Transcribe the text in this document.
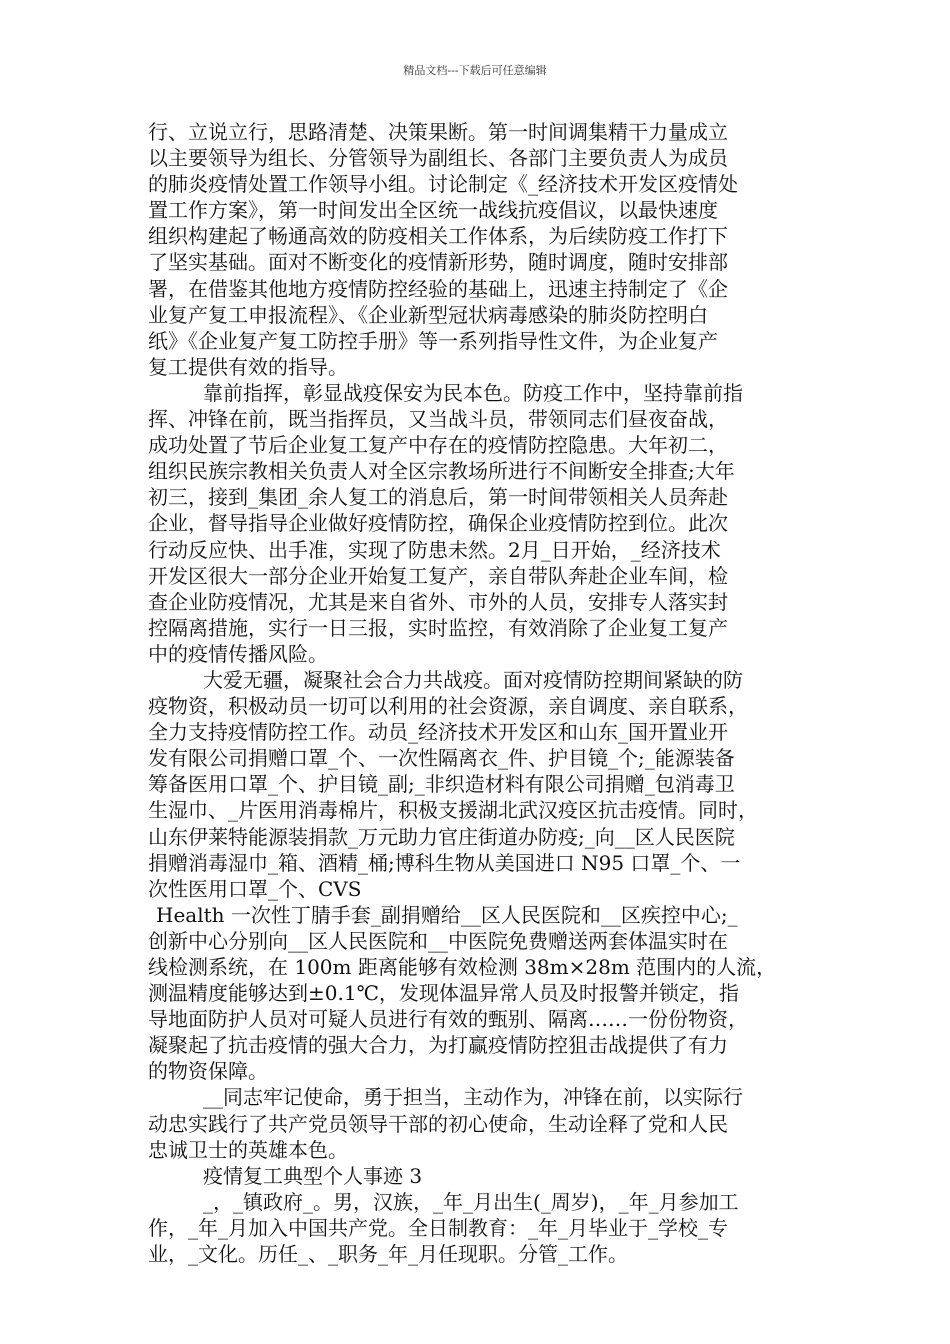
精品文档---下载后可任意编辑
行、立说立行，思路清楚、决策果断。第一时间调集精干力量成立
以主要领导为组长、分管领导为副组长、各部门主要负责人为成员
的肺炎疫情处置工作领导小组。讨论制定《_经济技术开发区疫情处
置工作方案》，第一时间发出全区统一战线抗疫倡议，以最快速度
组织构建起了畅通高效的防疫相关工作体系，为后续防疫工作打下
了坚实基础。面对不断变化的疫情新形势，随时调度，随时安排部
署，在借鉴其他地方疫情防控经验的基础上，迅速主持制定了《企
业复产复工申报流程》、《企业新型冠状病毒感染的肺炎防控明白
纸》《企业复产复工防控手册》等一系列指导性文件，为企业复产
复工提供有效的指导。
靠前指挥，彰显战疫保安为民本色。防疫工作中，坚持靠前指
挥、冲锋在前，既当指挥员，又当战斗员，带领同志们昼夜奋战，
成功处置了节后企业复工复产中存在的疫情防控隐患。大年初二，
组织民族宗教相关负责人对全区宗教场所进行不间断安全排查;大年
初三，接到_集团_余人复工的消息后，第一时间带领相关人员奔赴
企业，督导指导企业做好疫情防控，确保企业疫情防控到位。此次
行动反应快、出手准，实现了防患未然。2月_日开始，_经济技术
开发区很大一部分企业开始复工复产，亲自带队奔赴企业车间，检
查企业防疫情况，尤其是来自省外、市外的人员，安排专人落实封
控隔离措施，实行一日三报，实时监控，有效消除了企业复工复产
中的疫情传播风险。
大爱无疆，凝聚社会合力共战疫。面对疫情防控期间紧缺的防
疫物资，积极动员一切可以利用的社会资源，亲自调度、亲自联系，
全力支持疫情防控工作。动员_经济技术开发区和山东_国开置业开
发有限公司捐赠口罩_个、一次性隔离衣_件、护目镜_个;_能源装备
筹备医用口罩_个、护目镜_副;_非织造材料有限公司捐赠_包消毒卫
生湿巾、_片医用消毒棉片，积极支援湖北武汉疫区抗击疫情。同时，
山东伊莱特能源装捐款_万元助力官庄街道办防疫;_向__区人民医院
捐赠消毒湿巾_箱、酒精_桶;博科生物从美国进口 N95 口罩_个、一
次性医用口罩_个、CVS
Health 一次性丁腈手套_副捐赠给__区人民医院和__区疾控中心;_
创新中心分别向__区人民医院和__中医院免费赠送两套体温实时在
线检测系统，在 100m 距离能够有效检测 38m×28m 范围内的人流，
测温精度能够达到±0.1℃，发现体温异常人员及时报警并锁定，指
导地面防护人员对可疑人员进行有效的甄别、隔离……一份份物资，
凝聚起了抗击疫情的强大合力，为打赢疫情防控狙击战提供了有力
的物资保障。
__同志牢记使命，勇于担当，主动作为，冲锋在前，以实际行
动忠实践行了共产党员领导干部的初心使命，生动诠释了党和人民
忠诚卫士的英雄本色。
疫情复工典型个人事迹 3
_，_镇政府_。男，汉族，_年_月出生(_周岁)，_年_月参加工
作，_年_月加入中国共产党。全日制教育：_年_月毕业于_学校_专
业，_文化。历任_、_职务_年_月任现职。分管_工作。
